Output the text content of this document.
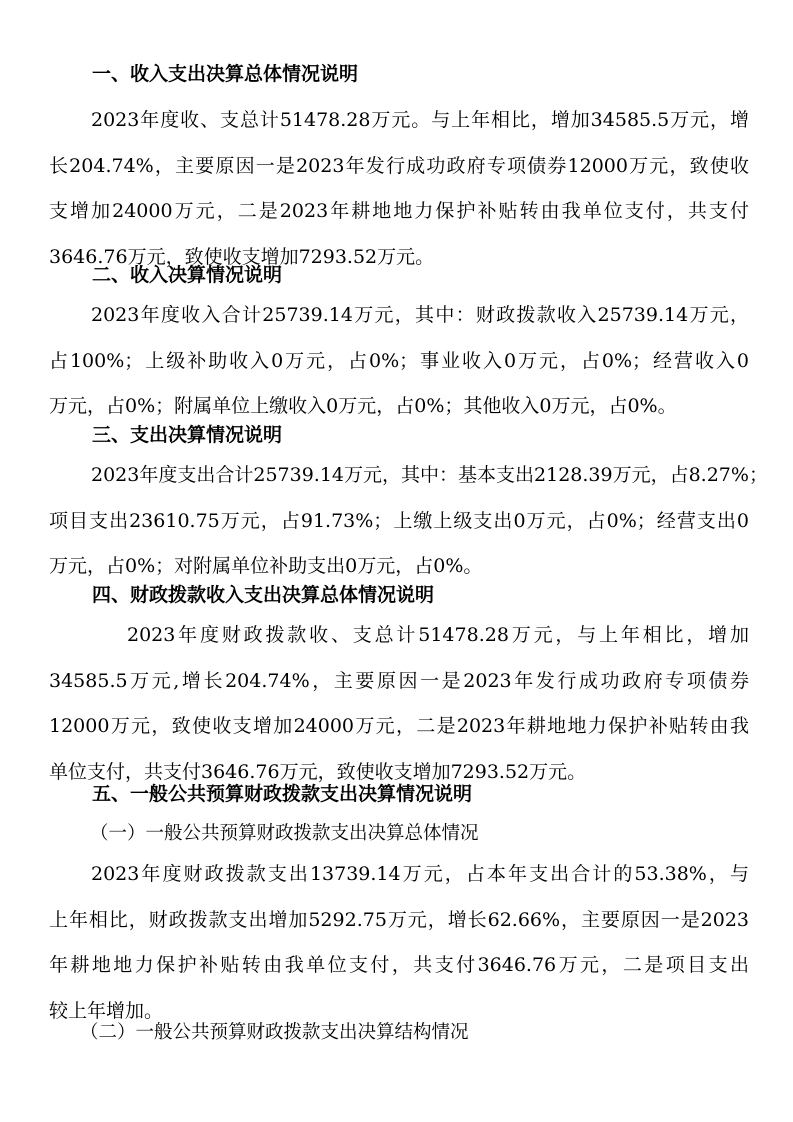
一、收入支出决算总体情况说明
2023年度收、支总计51478.28万元。与上年相比，增加34585.5万元，增
长204.74%，主要原因一是2023年发行成功政府专项债券12000万元，致使收
支增加24000万元，二是2023年耕地地力保护补贴转由我单位支付，共支付
3646.76万元，致使收支增加7293.52万元。
二、收入决算情况说明
2023年度收入合计25739.14万元，其中：财政拨款收入25739.14万元，
占100%；上级补助收入0万元，占0%；事业收入0万元，占0%；经营收入0
万元，占0%；附属单位上缴收入0万元，占0%；其他收入0万元，占0%。
三、支出决算情况说明
2023年度支出合计25739.14万元，其中：基本支出2128.39万元，占8.27%；
项目支出23610.75万元，占91.73%；上缴上级支出0万元，占0%；经营支出0
万元，占0%；对附属单位补助支出0万元，占0%。
四、财政拨款收入支出决算总体情况说明
2023年度财政拨款收、支总计51478.28万元，与上年相比，增加
34585.5万元,增长204.74%，主要原因一是2023年发行成功政府专项债券
12000万元，致使收支增加24000万元，二是2023年耕地地力保护补贴转由我
单位支付，共支付3646.76万元，致使收支增加7293.52万元。
五、一般公共预算财政拨款支出决算情况说明
（一）一般公共预算财政拨款支出决算总体情况
2023年度财政拨款支出13739.14万元，占本年支出合计的53.38%，与
上年相比，财政拨款支出增加5292.75万元，增长62.66%，主要原因一是2023
年耕地地力保护补贴转由我单位支付，共支付3646.76万元，二是项目支出
较上年增加。
（二）一般公共预算财政拨款支出决算结构情况
